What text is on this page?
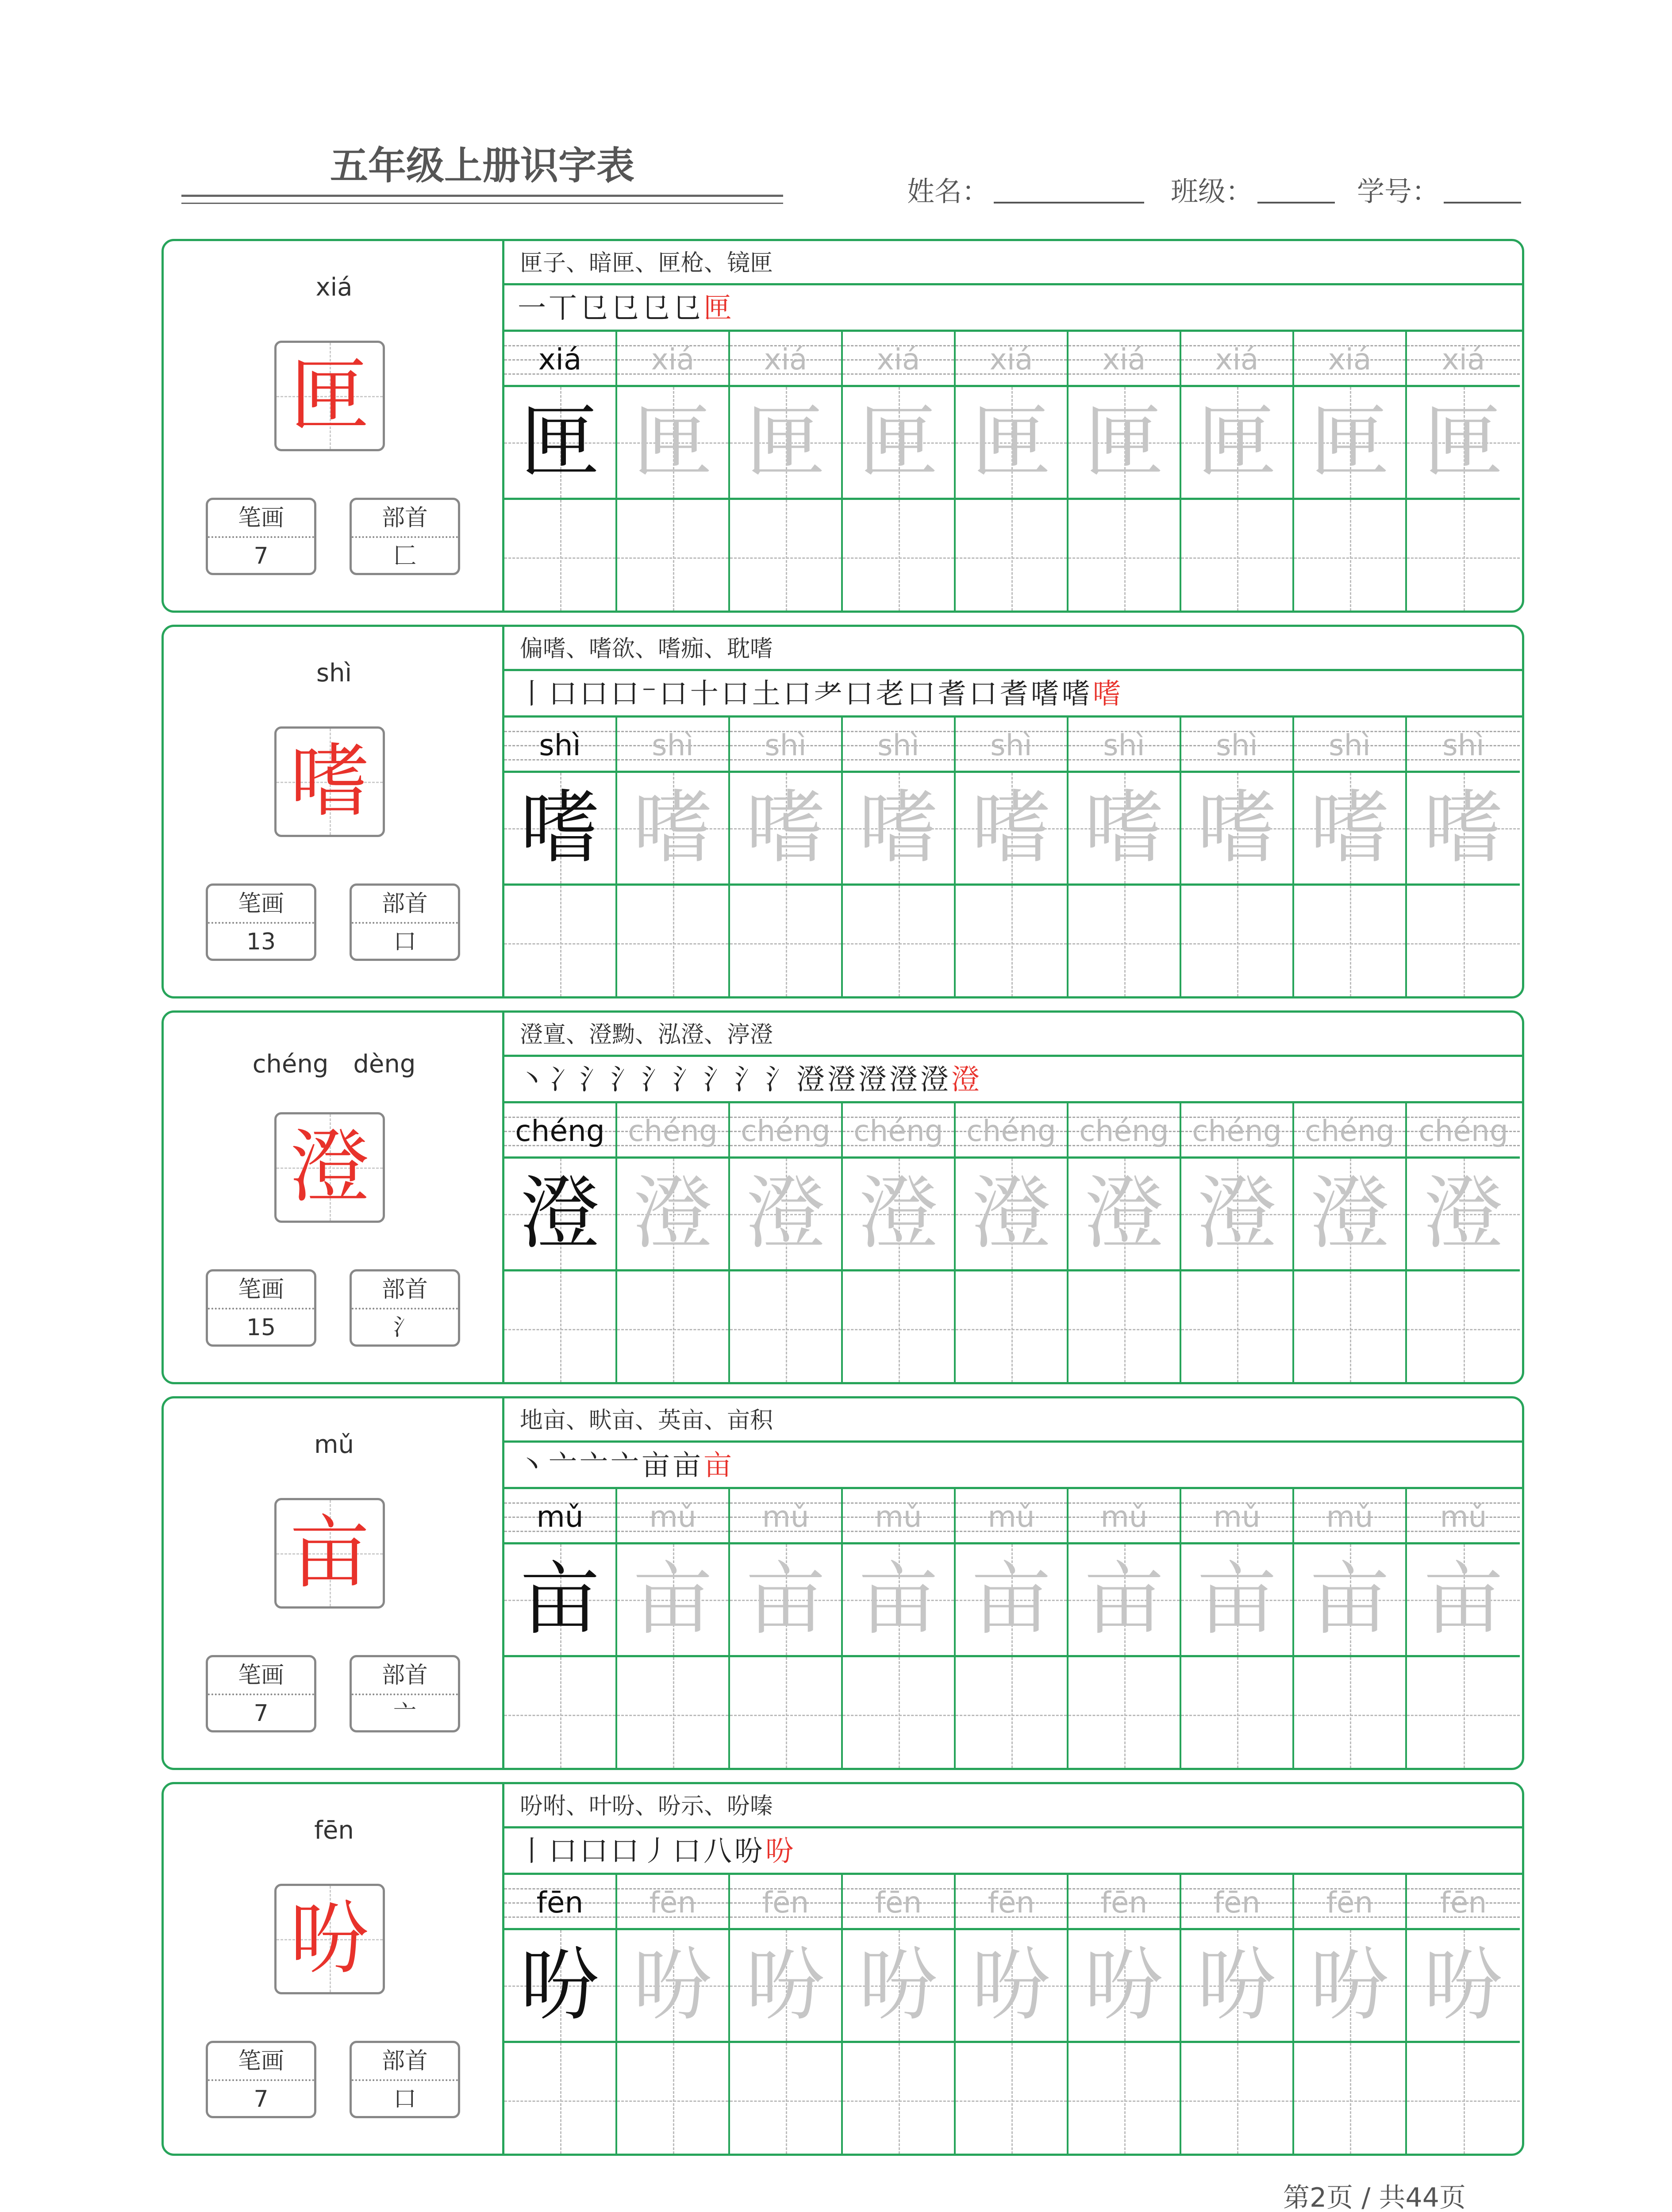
五年级上册识字表
姓名：	班级：	学号：
xiá
匣
笔画
7
部首
匚
匣子、暗匣、匣枪、镜匣
一丅㔾㔾㔾㔾匣
xiá
匣
xiá
匣
xiá
匣
xiá
匣
xiá
匣
xiá
匣
xiá
匣
xiá
匣
xiá
匣
shì
嗜
笔画
13
部首
口
偏嗜、嗜欲、嗜痂、耽嗜
丨口口口⁻口十口土口耂口老口耆口耆嗜嗜嗜
shì
嗜
shì
嗜
shì
嗜
shì
嗜
shì
嗜
shì
嗜
shì
嗜
shì
嗜
shì
嗜
chéng　dèng
澄
笔画
15
部首
氵
澄亶、澄黝、泓澄、渟澄
丶冫氵氵氵氵氵氵氵澄澄澄澄澄澄
chéng
澄
chéng
澄
chéng
澄
chéng
澄
chéng
澄
chéng
澄
chéng
澄
chéng
澄
chéng
澄
mǔ
亩
笔画
7
部首
亠
地亩、畎亩、英亩、亩积
丶亠亠亠亩亩亩
mǔ
亩
mǔ
亩
mǔ
亩
mǔ
亩
mǔ
亩
mǔ
亩
mǔ
亩
mǔ
亩
mǔ
亩
fēn
吩
笔画
7
部首
口
吩咐、叶吩、吩示、吩嗪
丨口口口丿口八吩吩
fēn
吩
fēn
吩
fēn
吩
fēn
吩
fēn
吩
fēn
吩
fēn
吩
fēn
吩
fēn
吩
第2页 / 共44页
